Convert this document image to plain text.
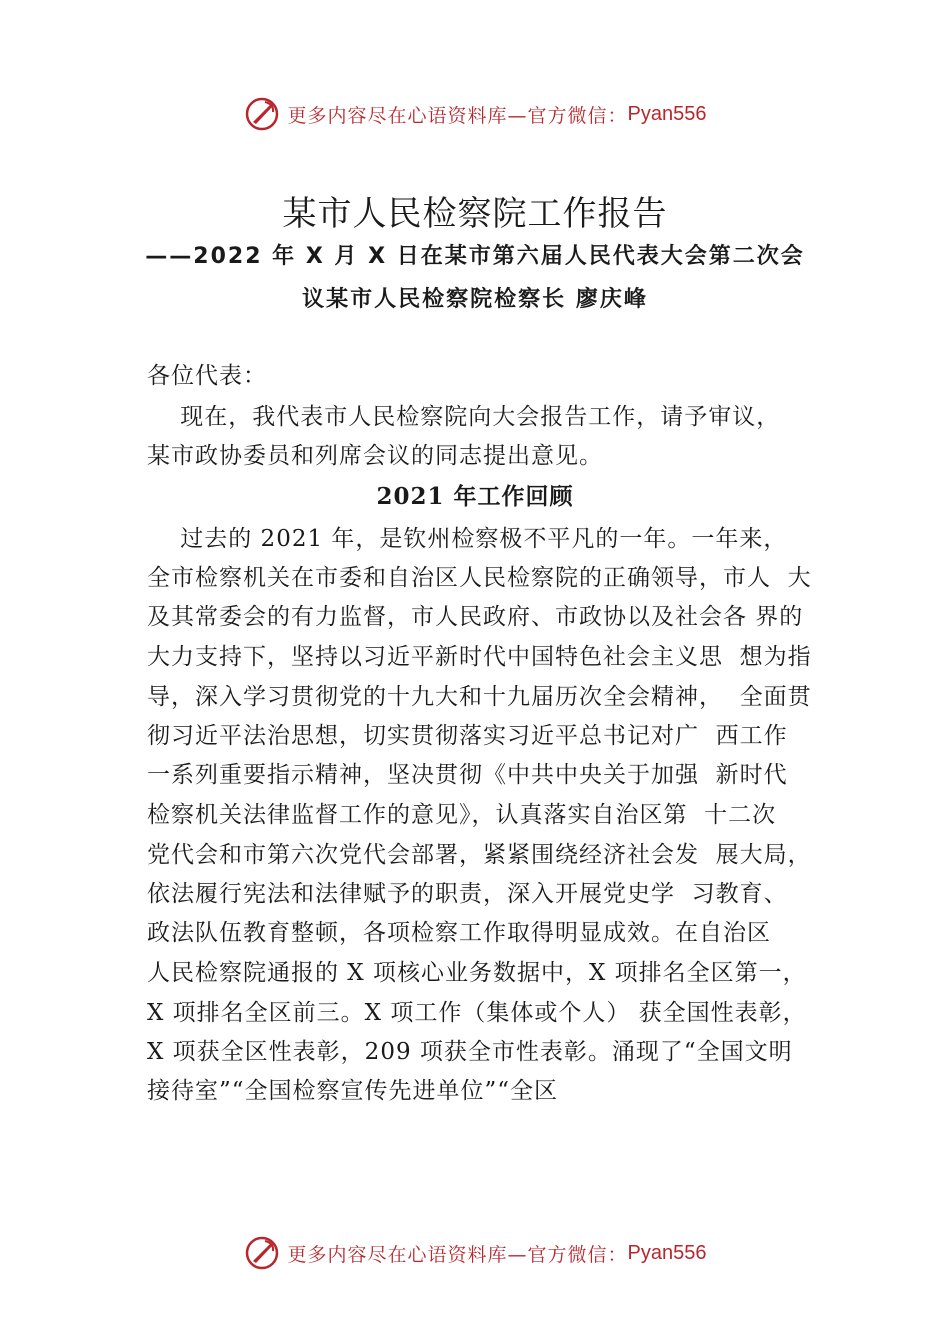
更多内容尽在心语资料库—官方微信： Pyan556
某市人民检察院工作报告
——2022 年 X 月 X 日在某市第六届人民代表大会第二次会
议某市人民检察院检察长 廖庆峰
各位代表：
现在，我代表市人民检察院向大会报告工作，请予审议，
某市政协委员和列席会议的同志提出意见。
2021 年工作回顾
过去的 2021 年，是钦州检察极不平凡的一年。一年来，
全市检察机关在市委和自治区人民检察院的正确领导，市人  大
及其常委会的有力监督，市人民政府、市政协以及社会各 界的
大力支持下，坚持以习近平新时代中国特色社会主义思  想为指
导，深入学习贯彻党的十九大和十九届历次全会精神，  全面贯
彻习近平法治思想，切实贯彻落实习近平总书记对广  西工作
一系列重要指示精神，坚决贯彻《中共中央关于加强  新时代
检察机关法律监督工作的意见》，认真落实自治区第  十二次
党代会和市第六次党代会部署，紧紧围绕经济社会发  展大局，
依法履行宪法和法律赋予的职责，深入开展党史学  习教育、
政法队伍教育整顿，各项检察工作取得明显成效。在自治区
人民检察院通报的 X 项核心业务数据中，X 项排名全区第一，
X 项排名全区前三。X 项工作（集体或个人） 获全国性表彰，
X 项获全区性表彰，209 项获全市性表彰。涌现了“全国文明
接待室”“全国检察宣传先进单位”“全区
更多内容尽在心语资料库—官方微信： Pyan556
